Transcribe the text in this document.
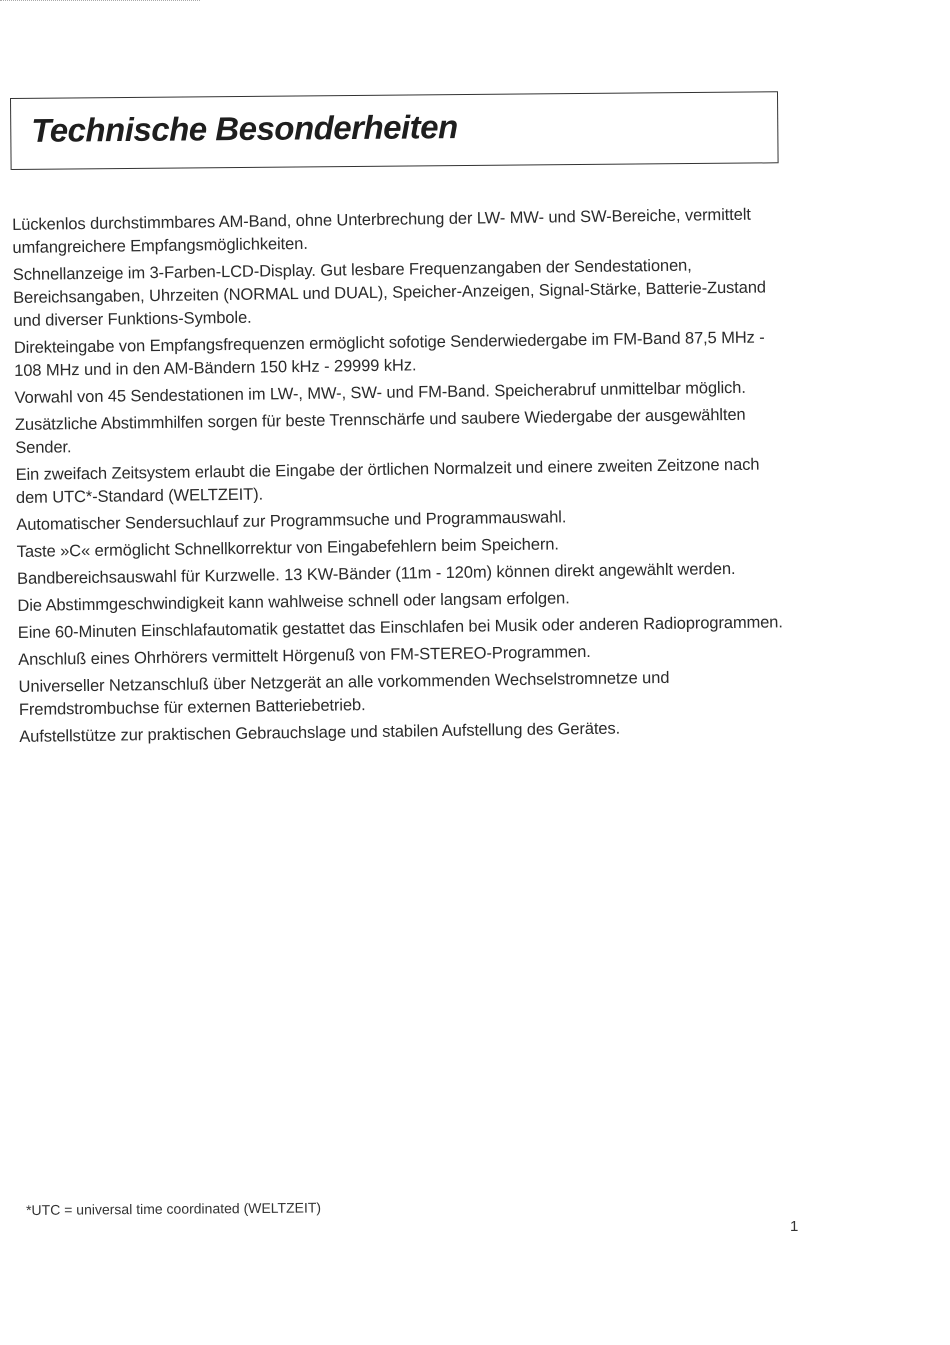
Technische Besonderheiten
Lückenlos durchstimmbares AM-Band, ohne Unterbrechung der LW- MW- und SW-Bereiche, vermittelt umfangreichere Empfangsmöglichkeiten.
Schnellanzeige im 3-Farben-LCD-Display. Gut lesbare Frequenzangaben der Sendestationen, Bereichsangaben, Uhrzeiten (NORMAL und DUAL), Speicher-Anzeigen, Signal-Stärke, Batterie-Zustand und diverser Funktions-Symbole.
Direkteingabe von Empfangsfrequenzen ermöglicht sofotige Senderwiedergabe im FM-Band 87,5 MHz - 108 MHz und in den AM-Bändern 150 kHz - 29999 kHz.
Vorwahl von 45 Sendestationen im LW-, MW-, SW- und FM-Band. Speicherabruf unmittelbar möglich.
Zusätzliche Abstimmhilfen sorgen für beste Trennschärfe und saubere Wiedergabe der ausgewählten Sender.
Ein zweifach Zeitsystem erlaubt die Eingabe der örtlichen Normalzeit und einere zweiten Zeitzone nach dem UTC*-Standard (WELTZEIT).
Automatischer Sendersuchlauf zur Programmsuche und Programmauswahl.
Taste »C« ermöglicht Schnellkorrektur von Eingabefehlern beim Speichern.
Bandbereichsauswahl für Kurzwelle. 13 KW-Bänder (11m - 120m) können direkt angewählt werden.
Die Abstimmgeschwindigkeit kann wahlweise schnell oder langsam erfolgen.
Eine 60-Minuten Einschlafautomatik gestattet das Einschlafen bei Musik oder anderen Radioprogrammen.
Anschluß eines Ohrhörers vermittelt Hörgenuß von FM-STEREO-Programmen.
Universeller Netzanschluß über Netzgerät an alle vorkommenden Wechselstromnetze und Fremdstrombuchse für externen Batteriebetrieb.
Aufstellstütze zur praktischen Gebrauchslage und stabilen Aufstellung des Gerätes.

*UTC = universal time coordinated (WELTZEIT)

1
